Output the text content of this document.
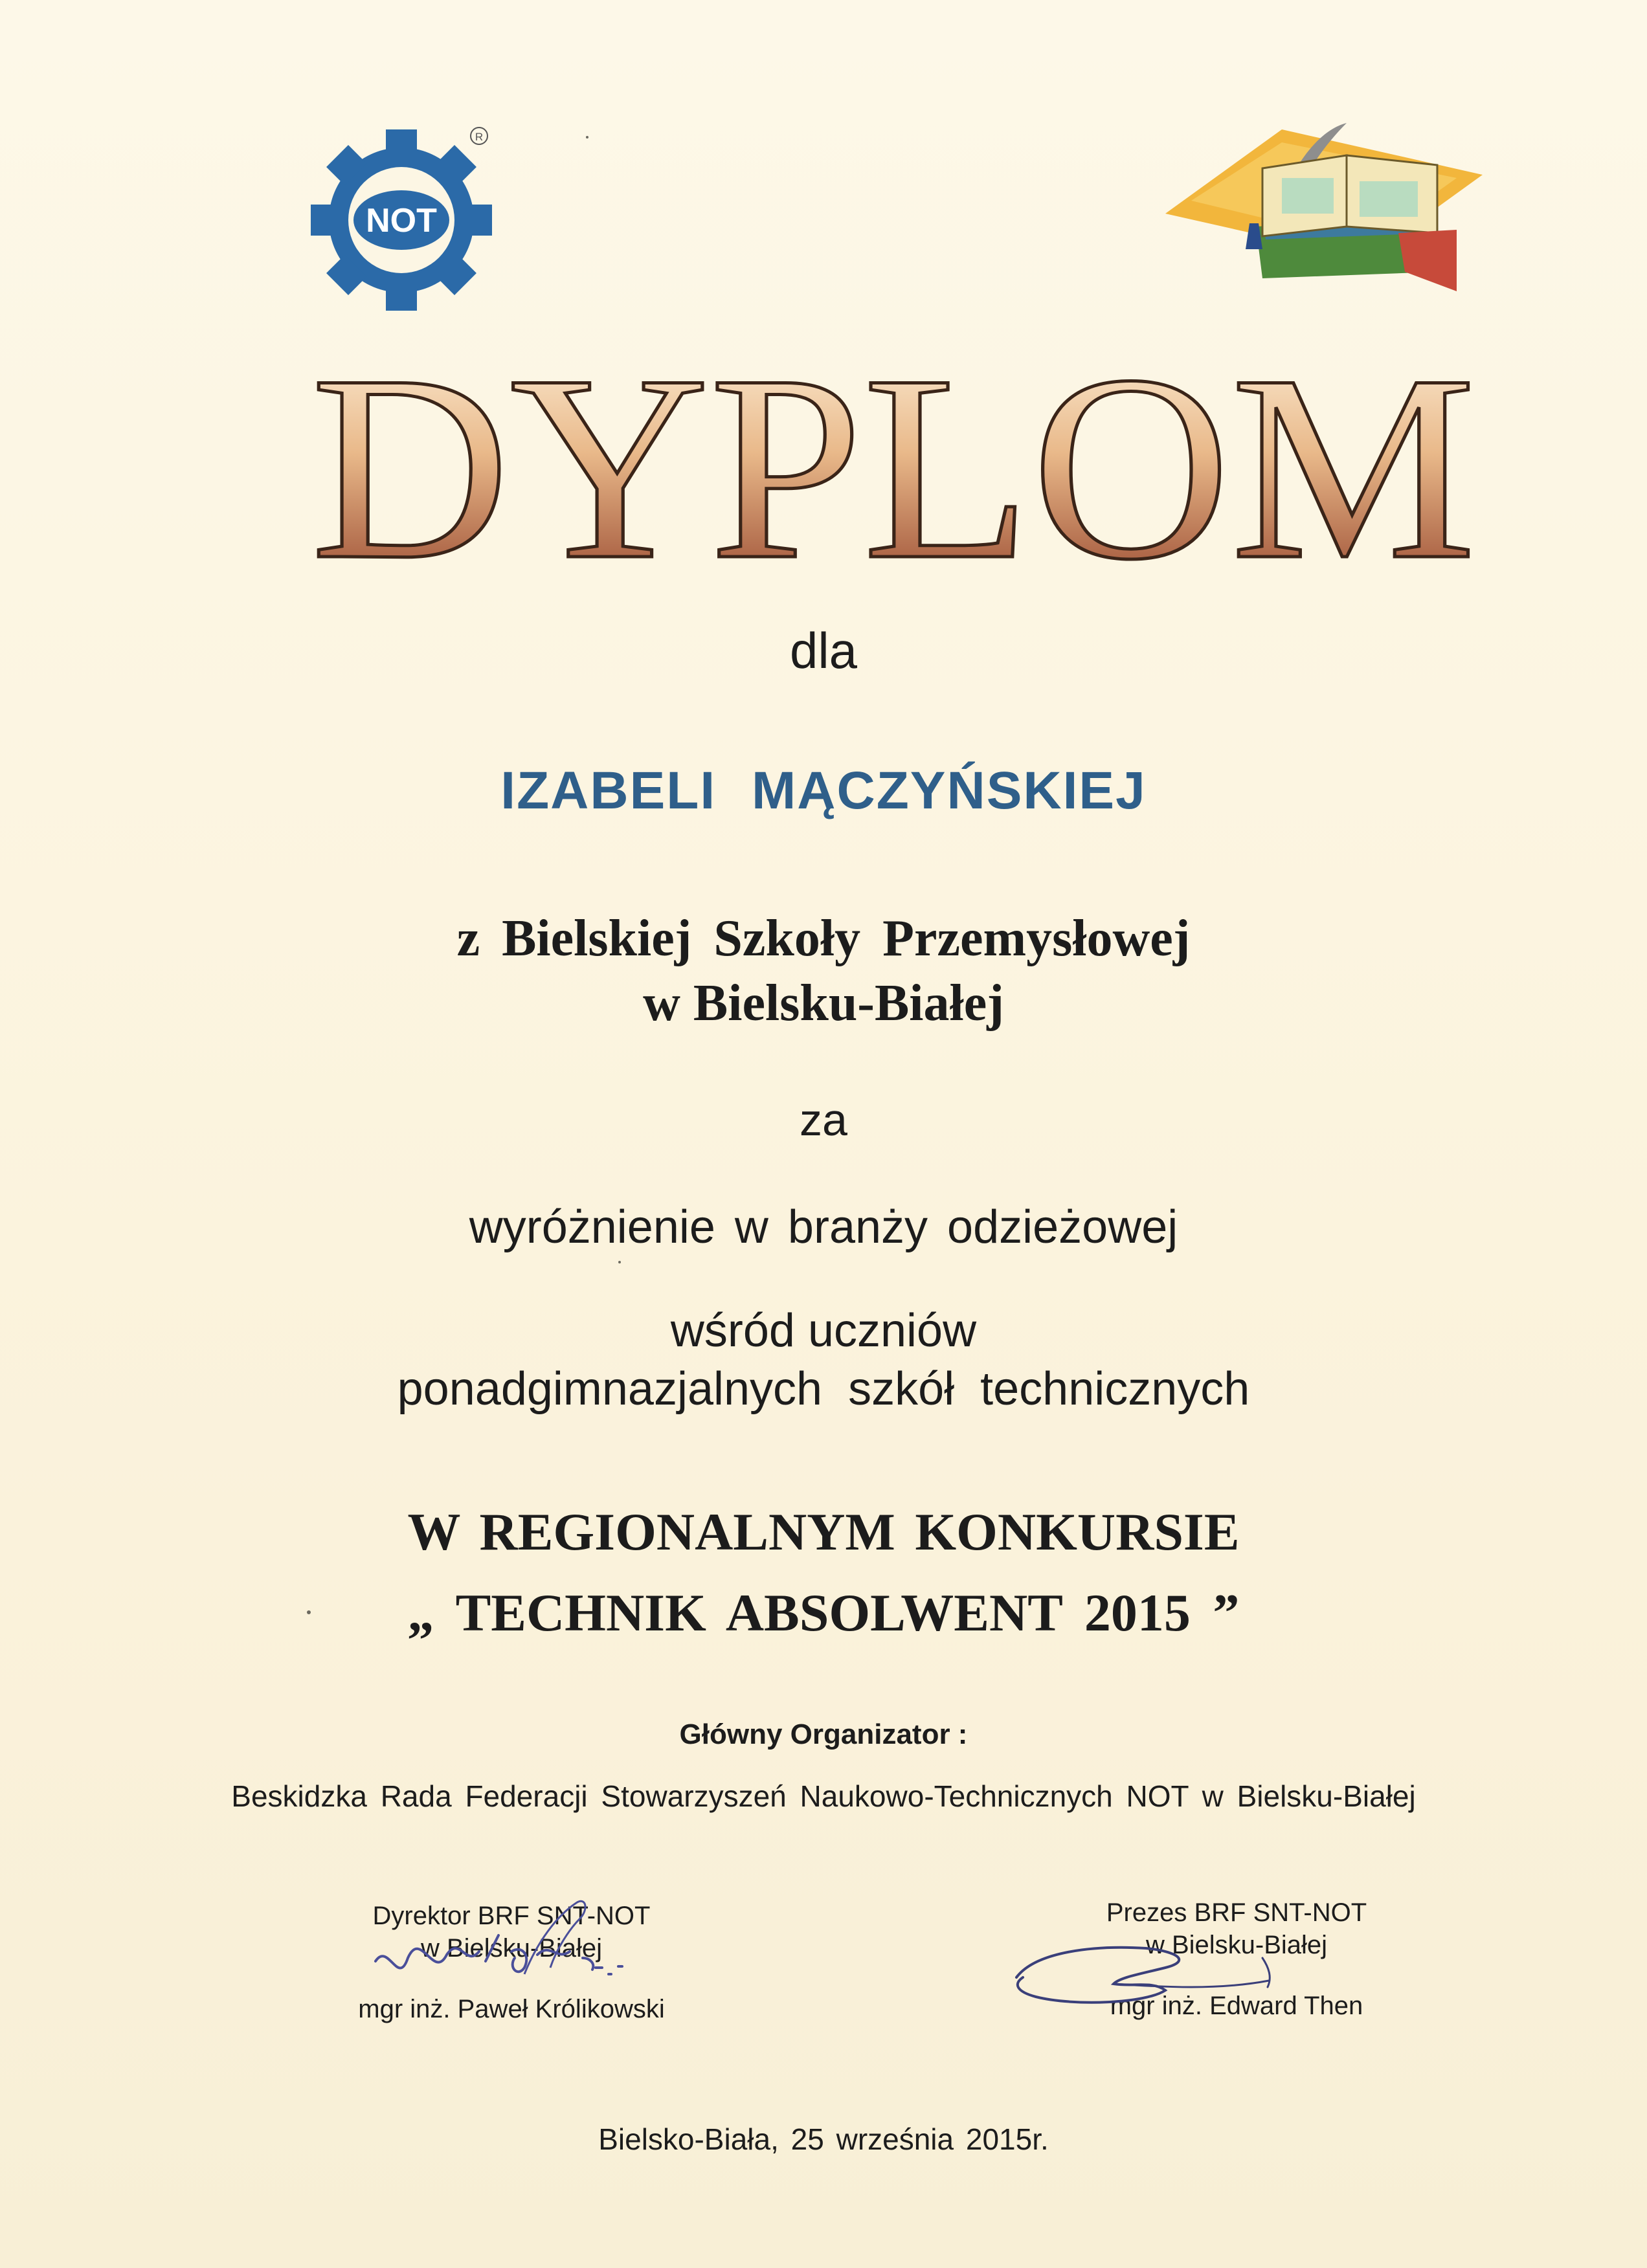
NOT
R
DYPLOM
dla
IZABELI MĄCZYŃSKIEJ
z Bielskiej Szkoły Przemysłowej
w Bielsku-Białej
za
wyróżnienie w branży odzieżowej
wśród uczniów
ponadgimnazjalnych szkół technicznych
W REGIONALNYM KONKURSIE
„ TECHNIK ABSOLWENT 2015 ”
Główny Organizator :
Beskidzka Rada Federacji Stowarzyszeń Naukowo-Technicznych NOT w Bielsku-Białej
Dyrektor BRF SNT-NOT
w Bielsku-Białej
mgr inż. Paweł Królikowski
Prezes BRF SNT-NOT
w Bielsku-Białej
mgr inż. Edward Then
Bielsko-Biała, 25 września 2015r.
